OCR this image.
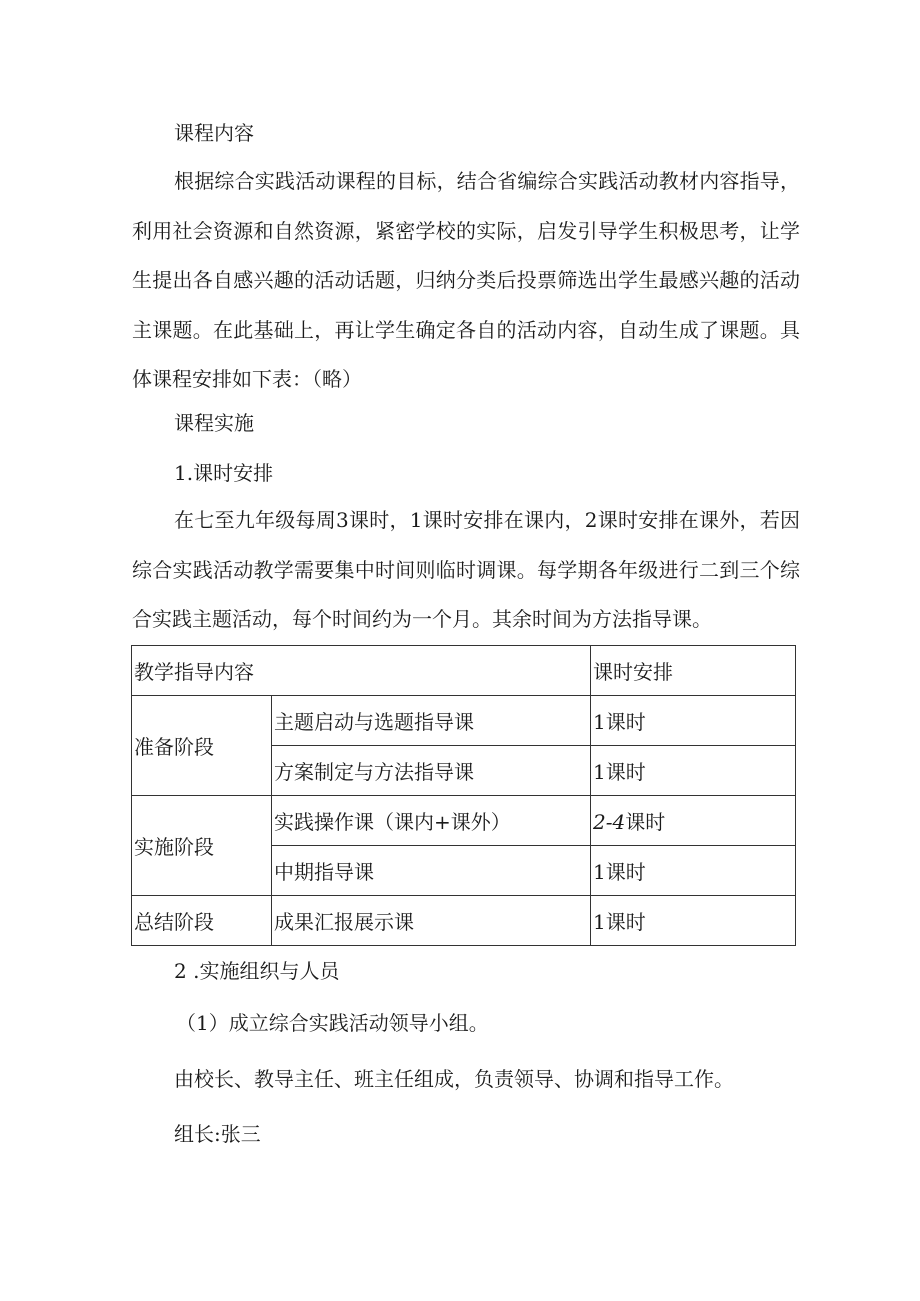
课程内容
根据综合实践活动课程的目标，结合省编综合实践活动教材内容指导，利用社会资源和自然资源，紧密学校的实际，启发引导学生积极思考，让学生提出各自感兴趣的活动话题，归纳分类后投票筛选出学生最感兴趣的活动主课题。在此基础上，再让学生确定各自的活动内容，自动生成了课题。具体课程安排如下表：（略）
课程实施
1.课时安排
在七至九年级每周3课时，1课时安排在课内，2课时安排在课外，若因综合实践活动教学需要集中时间则临时调课。每学期各年级进行二到三个综合实践主题活动，每个时间约为一个月。其余时间为方法指导课。
教学指导内容		课时安排
准备阶段	主题启动与选题指导课	1课时
	方案制定与方法指导课	1课时
实施阶段	实践操作课（课内+课外）	2-4课时
	中期指导课	1课时
总结阶段	成果汇报展示课	1课时
2 .实施组织与人员
（1）成立综合实践活动领导小组。
由校长、教导主任、班主任组成，负责领导、协调和指导工作。
组长:张三
